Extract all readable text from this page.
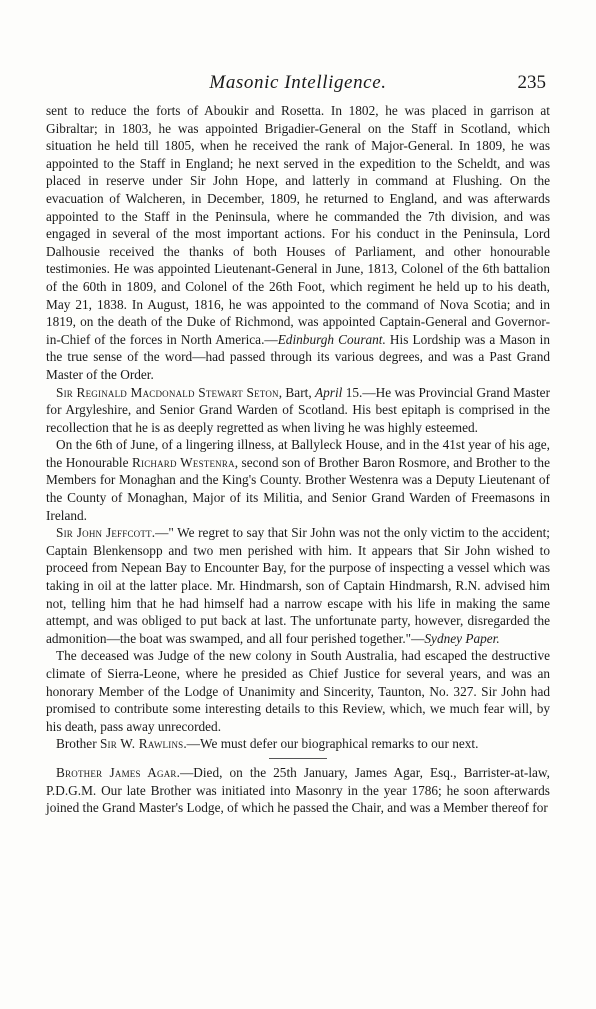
Masonic Intelligence.	235

sent to reduce the forts of Aboukir and Rosetta. In 1802, he was placed in garrison at Gibraltar; in 1803, he was appointed Brigadier-General on the Staff in Scotland, which situation he held till 1805, when he received the rank of Major-General. In 1809, he was appointed to the Staff in England; he next served in the expedition to the Scheldt, and was placed in reserve under Sir John Hope, and latterly in command at Flushing. On the evacuation of Walcheren, in December, 1809, he returned to England, and was afterwards appointed to the Staff in the Peninsula, where he commanded the 7th division, and was engaged in several of the most important actions. For his conduct in the Peninsula, Lord Dalhousie received the thanks of both Houses of Parliament, and other honourable testimonies. He was appointed Lieutenant-General in June, 1813, Colonel of the 6th battalion of the 60th in 1809, and Colonel of the 26th Foot, which regiment he held up to his death, May 21, 1838. In August, 1816, he was appointed to the command of Nova Scotia; and in 1819, on the death of the Duke of Richmond, was appointed Captain-General and Governor-in-Chief of the forces in North America.—Edinburgh Courant. His Lordship was a Mason in the true sense of the word—had passed through its various degrees, and was a Past Grand Master of the Order.

Sir Reginald Macdonald Stewart Seton, Bart, April 15.—He was Provincial Grand Master for Argyleshire, and Senior Grand Warden of Scotland. His best epitaph is comprised in the recollection that he is as deeply regretted as when living he was highly esteemed.

On the 6th of June, of a lingering illness, at Ballyleck House, and in the 41st year of his age, the Honourable Richard Westenra, second son of Brother Baron Rosmore, and Brother to the Members for Monaghan and the King's County. Brother Westenra was a Deputy Lieutenant of the County of Monaghan, Major of its Militia, and Senior Grand Warden of Freemasons in Ireland.

Sir John Jeffcott.—" We regret to say that Sir John was not the only victim to the accident; Captain Blenkensopp and two men perished with him. It appears that Sir John wished to proceed from Nepean Bay to Encounter Bay, for the purpose of inspecting a vessel which was taking in oil at the latter place. Mr. Hindmarsh, son of Captain Hindmarsh, R.N. advised him not, telling him that he had himself had a narrow escape with his life in making the same attempt, and was obliged to put back at last. The unfortunate party, however, disregarded the admonition—the boat was swamped, and all four perished together."—Sydney Paper.

The deceased was Judge of the new colony in South Australia, had escaped the destructive climate of Sierra-Leone, where he presided as Chief Justice for several years, and was an honorary Member of the Lodge of Unanimity and Sincerity, Taunton, No. 327. Sir John had promised to contribute some interesting details to this Review, which, we much fear will, by his death, pass away unrecorded.

Brother Sir W. Rawlins.—We must defer our biographical remarks to our next.

Brother James Agar.—Died, on the 25th January, James Agar, Esq., Barrister-at-law, P.D.G.M. Our late Brother was initiated into Masonry in the year 1786; he soon afterwards joined the Grand Master's Lodge, of which he passed the Chair, and was a Member thereof for
